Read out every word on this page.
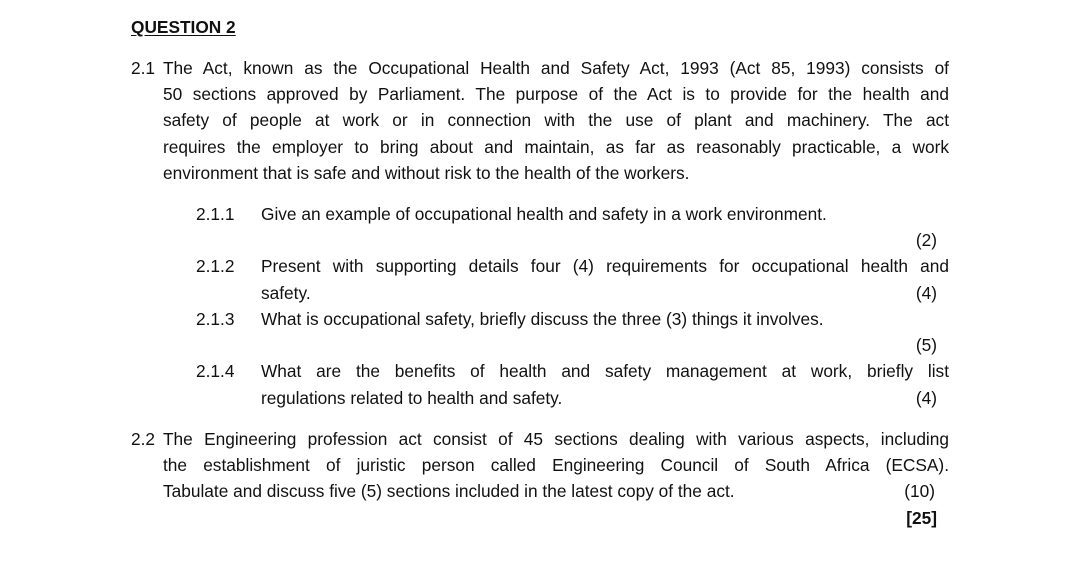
QUESTION 2
2.1 The Act, known as the Occupational Health and Safety Act, 1993 (Act 85, 1993) consists of
50 sections approved by Parliament. The purpose of the Act is to provide for the health and
safety of people at work or in connection with the use of plant and machinery. The act
requires the employer to bring about and maintain, as far as reasonably practicable, a work
environment that is safe and without risk to the health of the workers.
2.1.1 Give an example of occupational health and safety in a work environment.
(2)
2.1.2 Present with supporting details four (4) requirements for occupational health and
safety.	(4)
2.1.3 What is occupational safety, briefly discuss the three (3) things it involves.
(5)
2.1.4 What are the benefits of health and safety management at work, briefly list
regulations related to health and safety.	(4)
2.2 The Engineering profession act consist of 45 sections dealing with various aspects, including
the establishment of juristic person called Engineering Council of South Africa (ECSA).
Tabulate and discuss five (5) sections included in the latest copy of the act.	(10)
[25]
